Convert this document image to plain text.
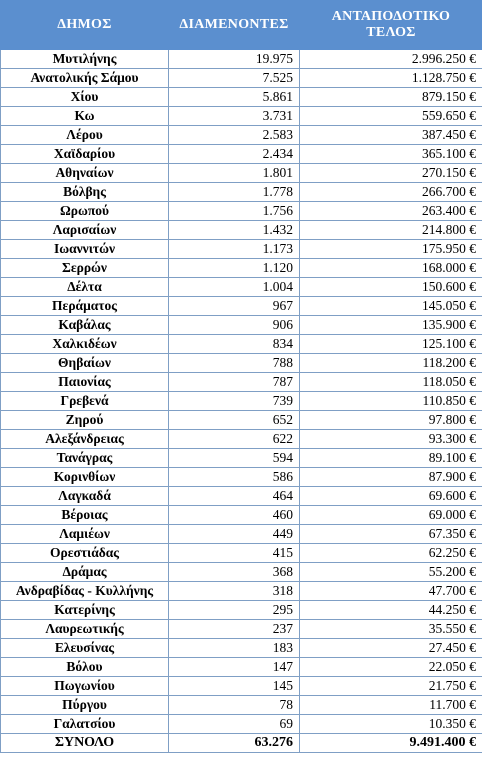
ΔΗΜΟΣ	ΔΙΑΜΕΝΟΝΤΕΣ	ΑΝΤΑΠΟΔΟΤΙΚΟ
ΤΕΛΟΣ

Μυτιλήνης	19.975	2.996.250 €
Ανατολικής Σάμου	7.525	1.128.750 €
Χίου	5.861	879.150 €
Κω	3.731	559.650 €
Λέρου	2.583	387.450 €
Χαϊδαρίου	2.434	365.100 €
Αθηναίων	1.801	270.150 €
Βόλβης	1.778	266.700 €
Ωρωπού	1.756	263.400 €
Λαρισαίων	1.432	214.800 €
Ιωαννιτών	1.173	175.950 €
Σερρών	1.120	168.000 €
Δέλτα	1.004	150.600 €
Περάματος	967	145.050 €
Καβάλας	906	135.900 €
Χαλκιδέων	834	125.100 €
Θηβαίων	788	118.200 €
Παιονίας	787	118.050 €
Γρεβενά	739	110.850 €
Ζηρού	652	97.800 €
Αλεξάνδρειας	622	93.300 €
Τανάγρας	594	89.100 €
Κορινθίων	586	87.900 €
Λαγκαδά	464	69.600 €
Βέροιας	460	69.000 €
Λαμιέων	449	67.350 €
Ορεστιάδας	415	62.250 €
Δράμας	368	55.200 €
Ανδραβίδας - Κυλλήνης	318	47.700 €
Κατερίνης	295	44.250 €
Λαυρεωτικής	237	35.550 €
Ελευσίνας	183	27.450 €
Βόλου	147	22.050 €
Πωγωνίου	145	21.750 €
Πύργου	78	11.700 €
Γαλατσίου	69	10.350 €
ΣΥΝΟΛΟ	63.276	9.491.400 €
